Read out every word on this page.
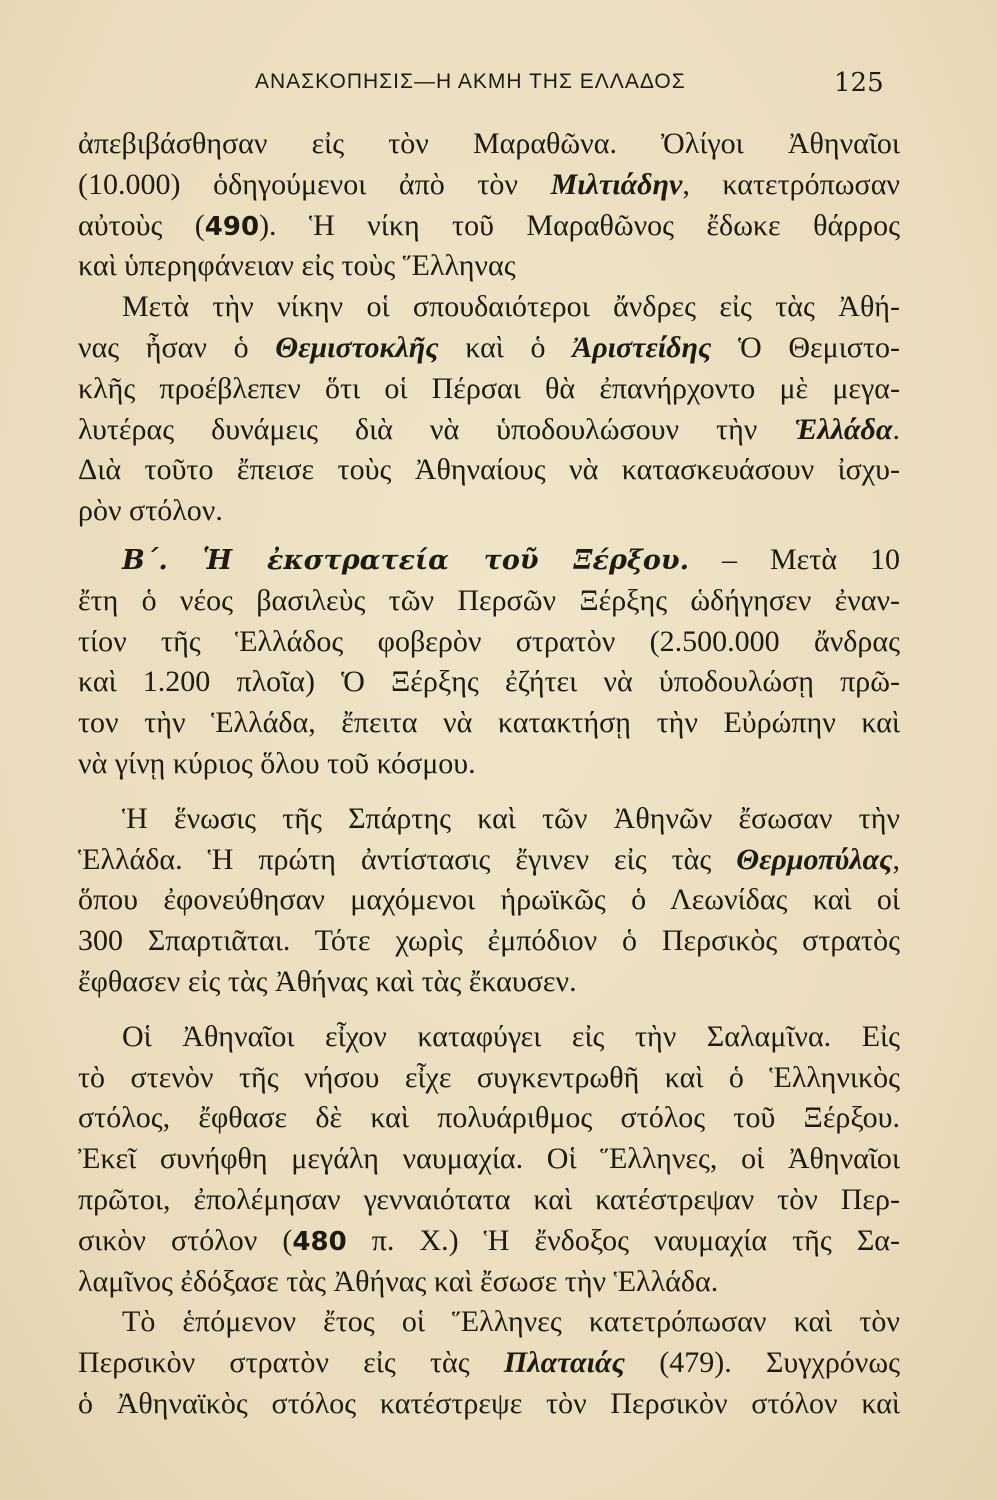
ΑΝΑΣΚΟΠΗΣΙΣ—Η ΑΚΜΗ ΤΗΣ ΕΛΛΑΔΟΣ	125
ἀπεβιβάσθησαν εἰς τὸν Μαραθῶνα. Ὀλίγοι Ἀθηναῖοι
(10.000) ὁδηγούμενοι ἀπὸ τὸν Μιλτιάδην, κατετρόπωσαν
αὐτοὺς (490). Ἡ νίκη τοῦ Μαραθῶνος ἔδωκε θάρρος
καὶ ὑπερηφάνειαν εἰς τοὺς Ἕλληνας
Μετὰ τὴν νίκην οἱ σπουδαιότεροι ἄνδρες εἰς τὰς Ἀθή-
νας ἦσαν ὁ Θεμιστοκλῆς καὶ ὁ Ἀριστείδης Ὁ Θεμιστο-
κλῆς προέβλεπεν ὅτι οἱ Πέρσαι θὰ ἐπανήρχοντο μὲ μεγα-
λυτέρας δυνάμεις διὰ νὰ ὑποδουλώσουν τὴν Ἑλλάδα.
Διὰ τοῦτο ἔπεισε τοὺς Ἀθηναίους νὰ κατασκευάσουν ἰσχυ-
ρὸν στόλον.
Β΄. Ἡ ἐκστρατεία τοῦ Ξέρξου. – Μετὰ 10
ἔτη ὁ νέος βασιλεὺς τῶν Περσῶν Ξέρξης ὡδήγησεν ἐναν-
τίον τῆς Ἑλλάδος φοβερὸν στρατὸν (2.500.000 ἄνδρας
καὶ 1.200 πλοῖα) Ὁ Ξέρξης ἐζήτει νὰ ὑποδουλώσῃ πρῶ-
τον τὴν Ἑλλάδα, ἔπειτα νὰ κατακτήσῃ τὴν Εὐρώπην καὶ
νὰ γίνῃ κύριος ὅλου τοῦ κόσμου.
Ἡ ἕνωσις τῆς Σπάρτης καὶ τῶν Ἀθηνῶν ἔσωσαν τὴν
Ἑλλάδα. Ἡ πρώτη ἀντίστασις ἔγινεν εἰς τὰς Θερμοπύλας,
ὅπου ἐφονεύθησαν μαχόμενοι ἡρωϊκῶς ὁ Λεωνίδας καὶ οἱ
300 Σπαρτιᾶται. Τότε χωρὶς ἐμπόδιον ὁ Περσικὸς στρατὸς
ἔφθασεν εἰς τὰς Ἀθήνας καὶ τὰς ἔκαυσεν.
Οἱ Ἀθηναῖοι εἶχον καταφύγει εἰς τὴν Σαλαμῖνα. Εἰς
τὸ στενὸν τῆς νήσου εἶχε συγκεντρωθῆ καὶ ὁ Ἑλληνικὸς
στόλος, ἔφθασε δὲ καὶ πολυάριθμος στόλος τοῦ Ξέρξου.
Ἐκεῖ συνήφθη μεγάλη ναυμαχία. Οἱ Ἕλληνες, οἱ Ἀθηναῖοι
πρῶτοι, ἐπολέμησαν γενναιότατα καὶ κατέστρεψαν τὸν Περ-
σικὸν στόλον (480 π. Χ.) Ἡ ἔνδοξος ναυμαχία τῆς Σα-
λαμῖνος ἐδόξασε τὰς Ἀθήνας καὶ ἔσωσε τὴν Ἑλλάδα.
Τὸ ἑπόμενον ἔτος οἱ Ἕλληνες κατετρόπωσαν καὶ τὸν
Περσικὸν στρατὸν εἰς τὰς Πλαταιάς (479). Συγχρόνως
ὁ Ἀθηναϊκὸς στόλος κατέστρεψε τὸν Περσικὸν στόλον καὶ
